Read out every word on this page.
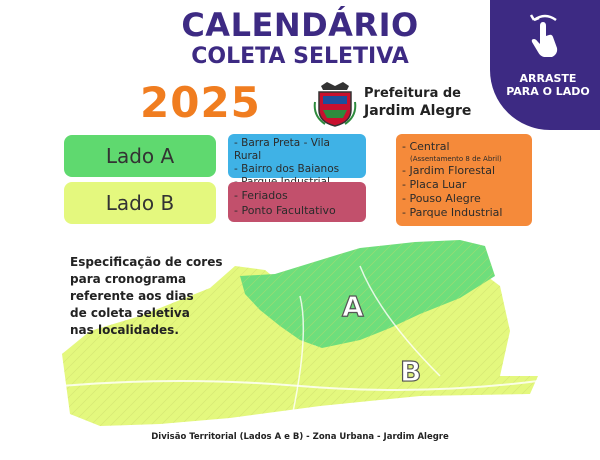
CALENDÁRIO
COLETA SELETIVA
2025	Prefeitura de
Jardim Alegre
ARRASTE
PARA O LADO
Lado A
Lado B
- Barra Preta - Vila Rural
- Bairro dos Baianos
- Feriados
- Ponto Facultativo
- Central
(Assentamento 8 de Abril)
- Jardim Florestal
- Placa Luar
- Pouso Alegre
- Parque Industrial
A
B
Especificação de cores
para cronograma
referente aos dias
de coleta seletiva
nas localidades.
Divisão Territorial (Lados A e B) - Zona Urbana - Jardim Alegre
